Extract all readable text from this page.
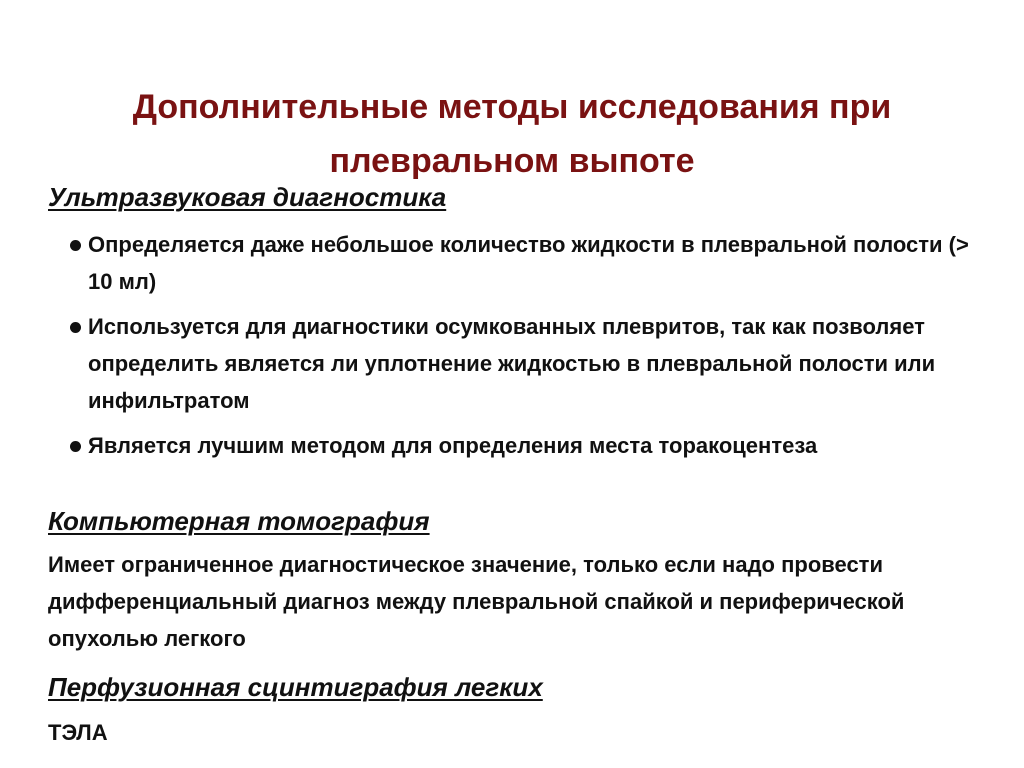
Дополнительные методы исследования при плевральном выпоте
Ультразвуковая диагностика
Определяется даже небольшое количество жидкости в плевральной полости (> 10 мл)
Используется для диагностики осумкованных плевритов, так как позволяет определить является ли уплотнение жидкостью в плевральной полости или инфильтратом
Является лучшим методом для определения места торакоцентеза
Компьютерная томография
Имеет ограниченное диагностическое значение, только если надо провести дифференциальный диагноз между плевральной спайкой и периферической опухолью легкого
Перфузионная сцинтиграфия легких
ТЭЛА
